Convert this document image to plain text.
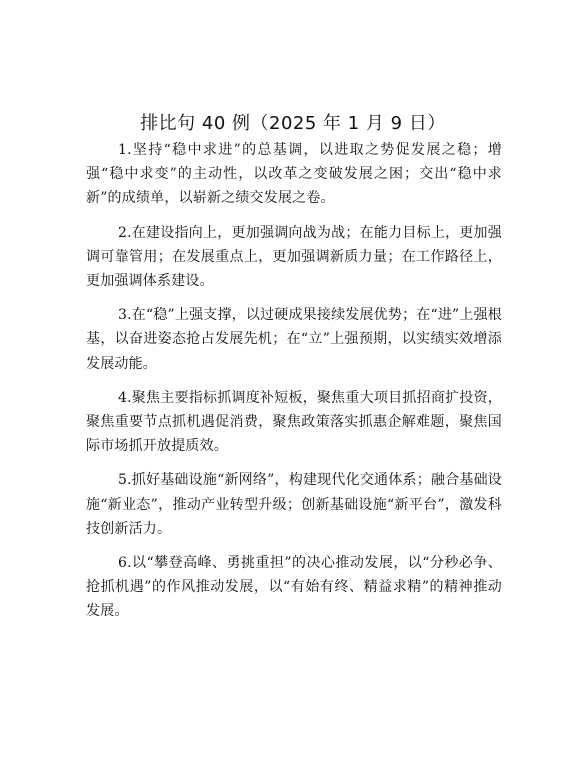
排比句 40 例（2025 年 1 月 9 日）

1.坚持“稳中求进”的总基调，以进取之势促发展之稳；增强“稳中求变”的主动性，以改革之变破发展之困；交出“稳中求新”的成绩单，以崭新之绩交发展之卷。

2.在建设指向上，更加强调向战为战；在能力目标上，更加强调可靠管用；在发展重点上，更加强调新质力量；在工作路径上，更加强调体系建设。

3.在“稳”上强支撑，以过硬成果接续发展优势；在“进”上强根基，以奋进姿态抢占发展先机；在“立”上强预期，以实绩实效增添发展动能。

4.聚焦主要指标抓调度补短板，聚焦重大项目抓招商扩投资，聚焦重要节点抓机遇促消费，聚焦政策落实抓惠企解难题，聚焦国际市场抓开放提质效。

5.抓好基础设施“新网络”，构建现代化交通体系；融合基础设施“新业态”，推动产业转型升级；创新基础设施“新平台”，激发科技创新活力。

6.以“攀登高峰、勇挑重担”的决心推动发展，以“分秒必争、抢抓机遇”的作风推动发展，以“有始有终、精益求精”的精神推动发展。
